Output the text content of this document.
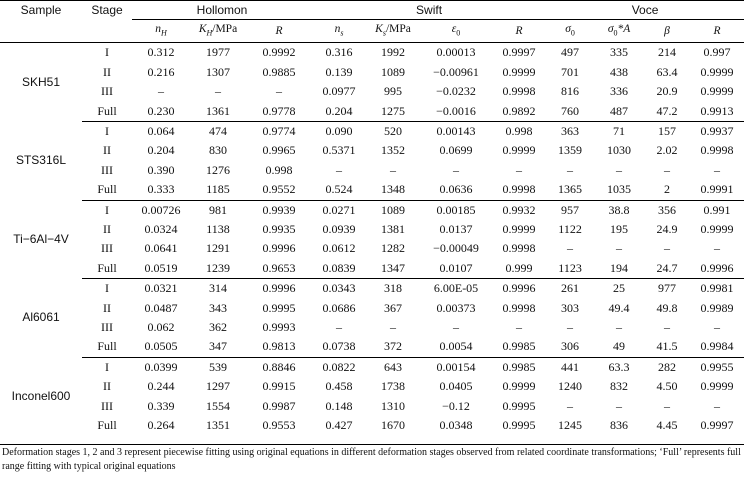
Sample	Stage	Hollomon			Swift				Voce			
		$n_H$	$K_H$/MPa	R	$n_s$	$K_s$/MPa	$\varepsilon_0$	R	$\sigma_0$	$\sigma_0*A$	β	R
SKH51	I	0.312	1977	0.9992	0.316	1992	0.00013	0.9997	497	335	214	0.997
	II	0.216	1307	0.9885	0.139	1089	−0.00961	0.9999	701	438	63.4	0.9999
	III	–	–	–	0.0977	995	−0.0232	0.9998	816	336	20.9	0.9999
	Full	0.230	1361	0.9778	0.204	1275	−0.0016	0.9892	760	487	47.2	0.9913
STS316L	I	0.064	474	0.9774	0.090	520	0.00143	0.998	363	71	157	0.9937
	II	0.204	830	0.9965	0.5371	1352	0.0699	0.9999	1359	1030	2.02	0.9998
	III	0.390	1276	0.998	–	–	–	–	–	–	–	–
	Full	0.333	1185	0.9552	0.524	1348	0.0636	0.9998	1365	1035	2	0.9991
Ti−6Al−4V	I	0.00726	981	0.9939	0.0271	1089	0.00185	0.9932	957	38.8	356	0.991
	II	0.0324	1138	0.9935	0.0939	1381	0.0137	0.9999	1122	195	24.9	0.9999
	III	0.0641	1291	0.9996	0.0612	1282	−0.00049	0.9998	–	–	–	–
	Full	0.0519	1239	0.9653	0.0839	1347	0.0107	0.999	1123	194	24.7	0.9996
Al6061	I	0.0321	314	0.9996	0.0343	318	6.00E-05	0.9996	261	25	977	0.9981
	II	0.0487	343	0.9995	0.0686	367	0.00373	0.9998	303	49.4	49.8	0.9989
	III	0.062	362	0.9993	–	–	–	–	–	–	–	–
	Full	0.0505	347	0.9813	0.0738	372	0.0054	0.9985	306	49	41.5	0.9984
Inconel600	I	0.0399	539	0.8846	0.0822	643	0.00154	0.9985	441	63.3	282	0.9955
	II	0.244	1297	0.9915	0.458	1738	0.0405	0.9999	1240	832	4.50	0.9999
	III	0.339	1554	0.9987	0.148	1310	−0.12	0.9995	–	–	–	–
	Full	0.264	1351	0.9553	0.427	1670	0.0348	0.9995	1245	836	4.45	0.9997
Deformation stages 1, 2 and 3 represent piecewise fitting using original equations in different deformation stages observed from related coordinate transformations; ‘Full’ represents full range fitting with typical original equations
